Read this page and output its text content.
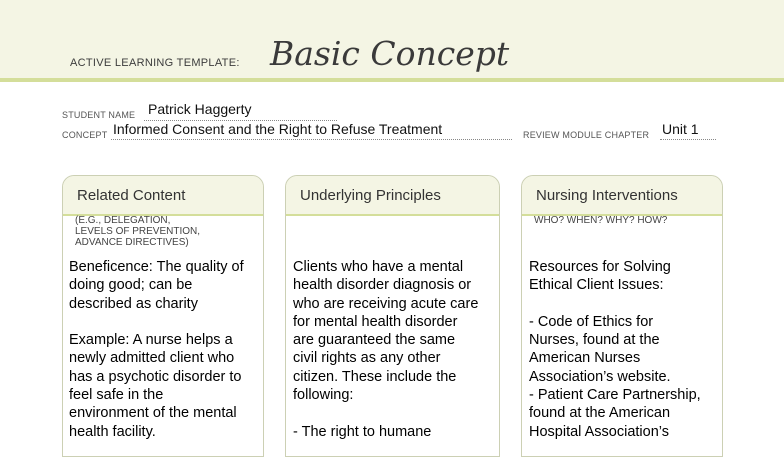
ACTIVE LEARNING TEMPLATE: Basic Concept
STUDENT NAME Patrick Haggerty
CONCEPT Informed Consent and the Right to Refuse Treatment	REVIEW MODULE CHAPTER Unit 1
Related Content
(E.G., DELEGATION,
LEVELS OF PREVENTION,
ADVANCE DIRECTIVES)
Beneficence: The quality of
doing good; can be
described as charity

Example: A nurse helps a
newly admitted client who
has a psychotic disorder to
feel safe in the
environment of the mental
health facility.
Underlying Principles
Clients who have a mental
health disorder diagnosis or
who are receiving acute care
for mental health disorder
are guaranteed the same
civil rights as any other
citizen. These include the
following:

- The right to humane
Nursing Interventions
WHO? WHEN? WHY? HOW?
Resources for Solving
Ethical Client Issues:

- Code of Ethics for
Nurses, found at the
American Nurses
Association’s website.
- Patient Care Partnership,
found at the American
Hospital Association’s
